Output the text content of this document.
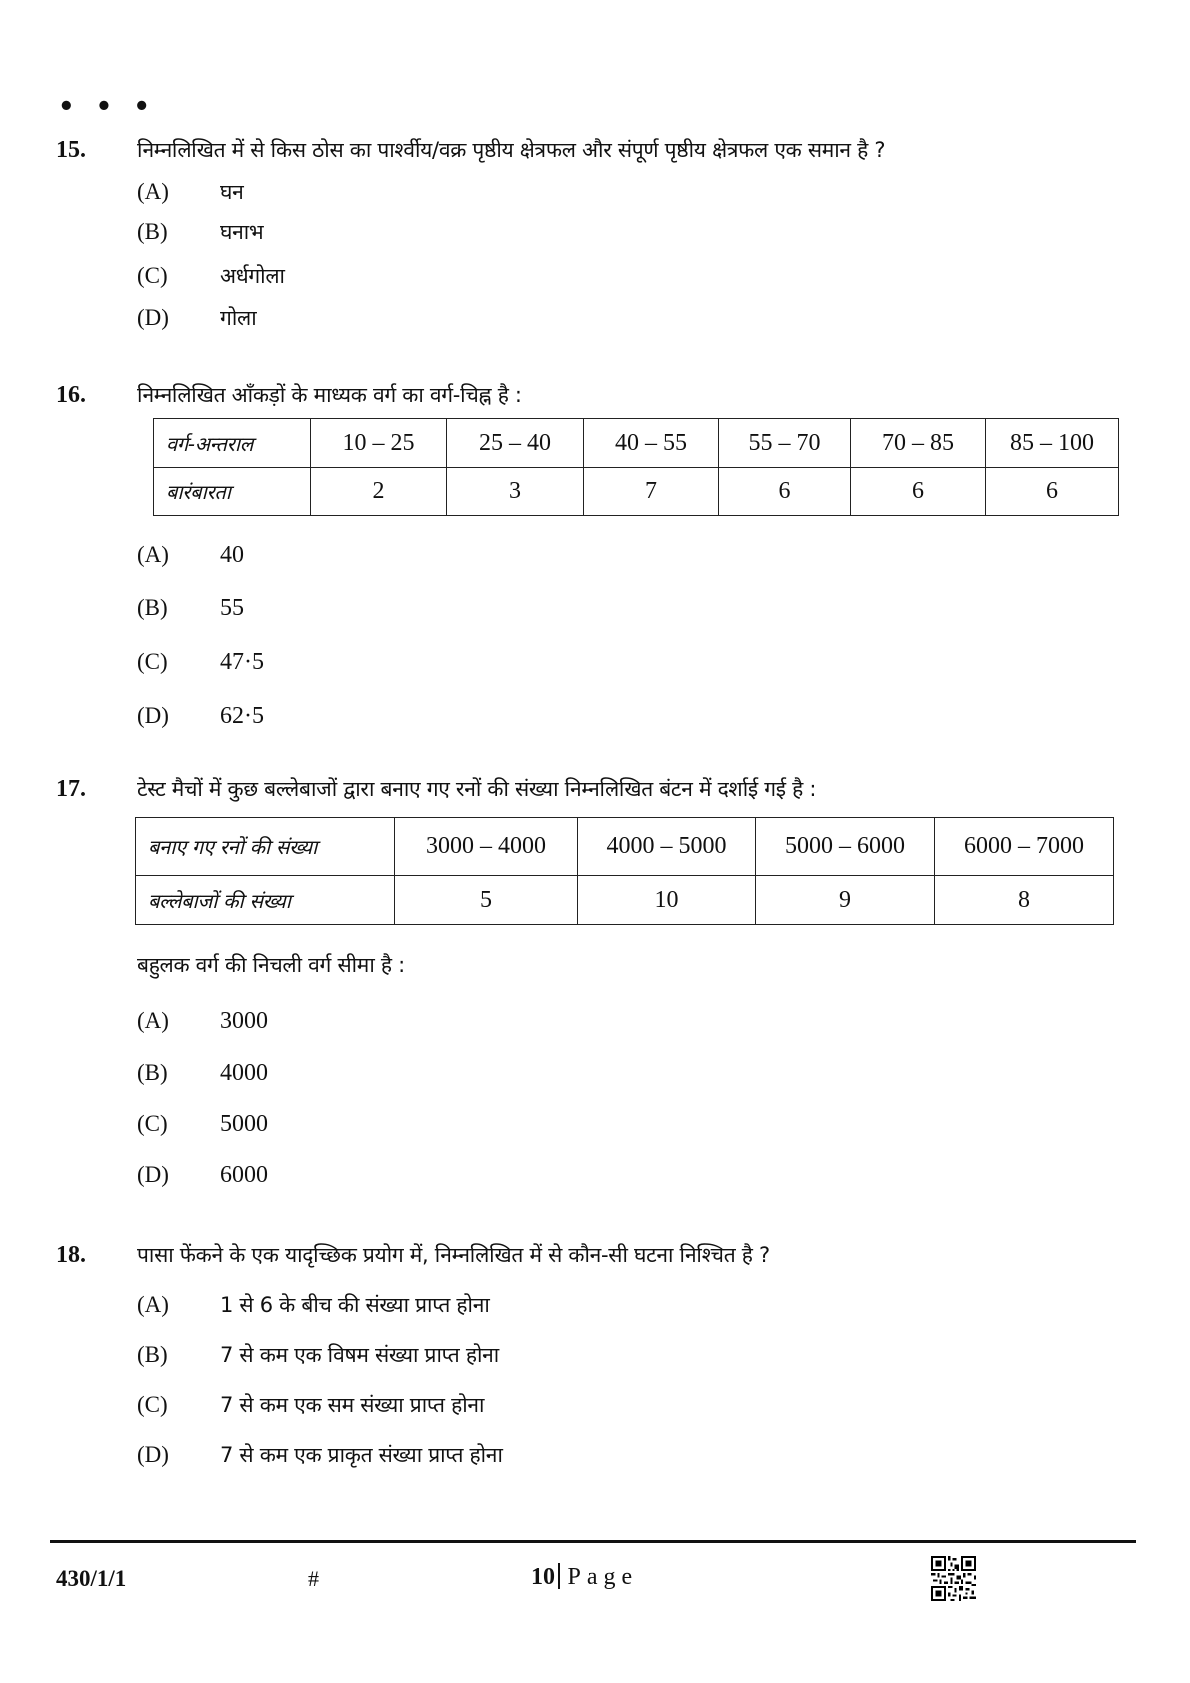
• • •
15. निम्नलिखित में से किस ठोस का पार्श्वीय/वक्र पृष्ठीय क्षेत्रफल और संपूर्ण पृष्ठीय क्षेत्रफल एक समान है ?
(A) घन
(B) घनाभ
(C) अर्धगोला
(D) गोला
16. निम्नलिखित आँकड़ों के माध्यक वर्ग का वर्ग-चिह्न है :
वर्ग-अन्तराल	10 – 25	25 – 40	40 – 55	55 – 70	70 – 85	85 – 100
बारंबारता	2	3	7	6	6	6
(A) 40
(B) 55
(C) 47·5
(D) 62·5
17. टेस्ट मैचों में कुछ बल्लेबाजों द्वारा बनाए गए रनों की संख्या निम्नलिखित बंटन में दर्शाई गई है :
बनाए गए रनों की संख्या	3000 – 4000	4000 – 5000	5000 – 6000	6000 – 7000
बल्लेबाजों की संख्या	5	10	9	8
बहुलक वर्ग की निचली वर्ग सीमा है :
(A) 3000
(B) 4000
(C) 5000
(D) 6000
18. पासा फेंकने के एक यादृच्छिक प्रयोग में, निम्नलिखित में से कौन-सी घटना निश्चित है ?
(A) 1 से 6 के बीच की संख्या प्राप्त होना
(B) 7 से कम एक विषम संख्या प्राप्त होना
(C) 7 से कम एक सम संख्या प्राप्त होना
(D) 7 से कम एक प्राकृत संख्या प्राप्त होना
430/1/1	#	10 Page
